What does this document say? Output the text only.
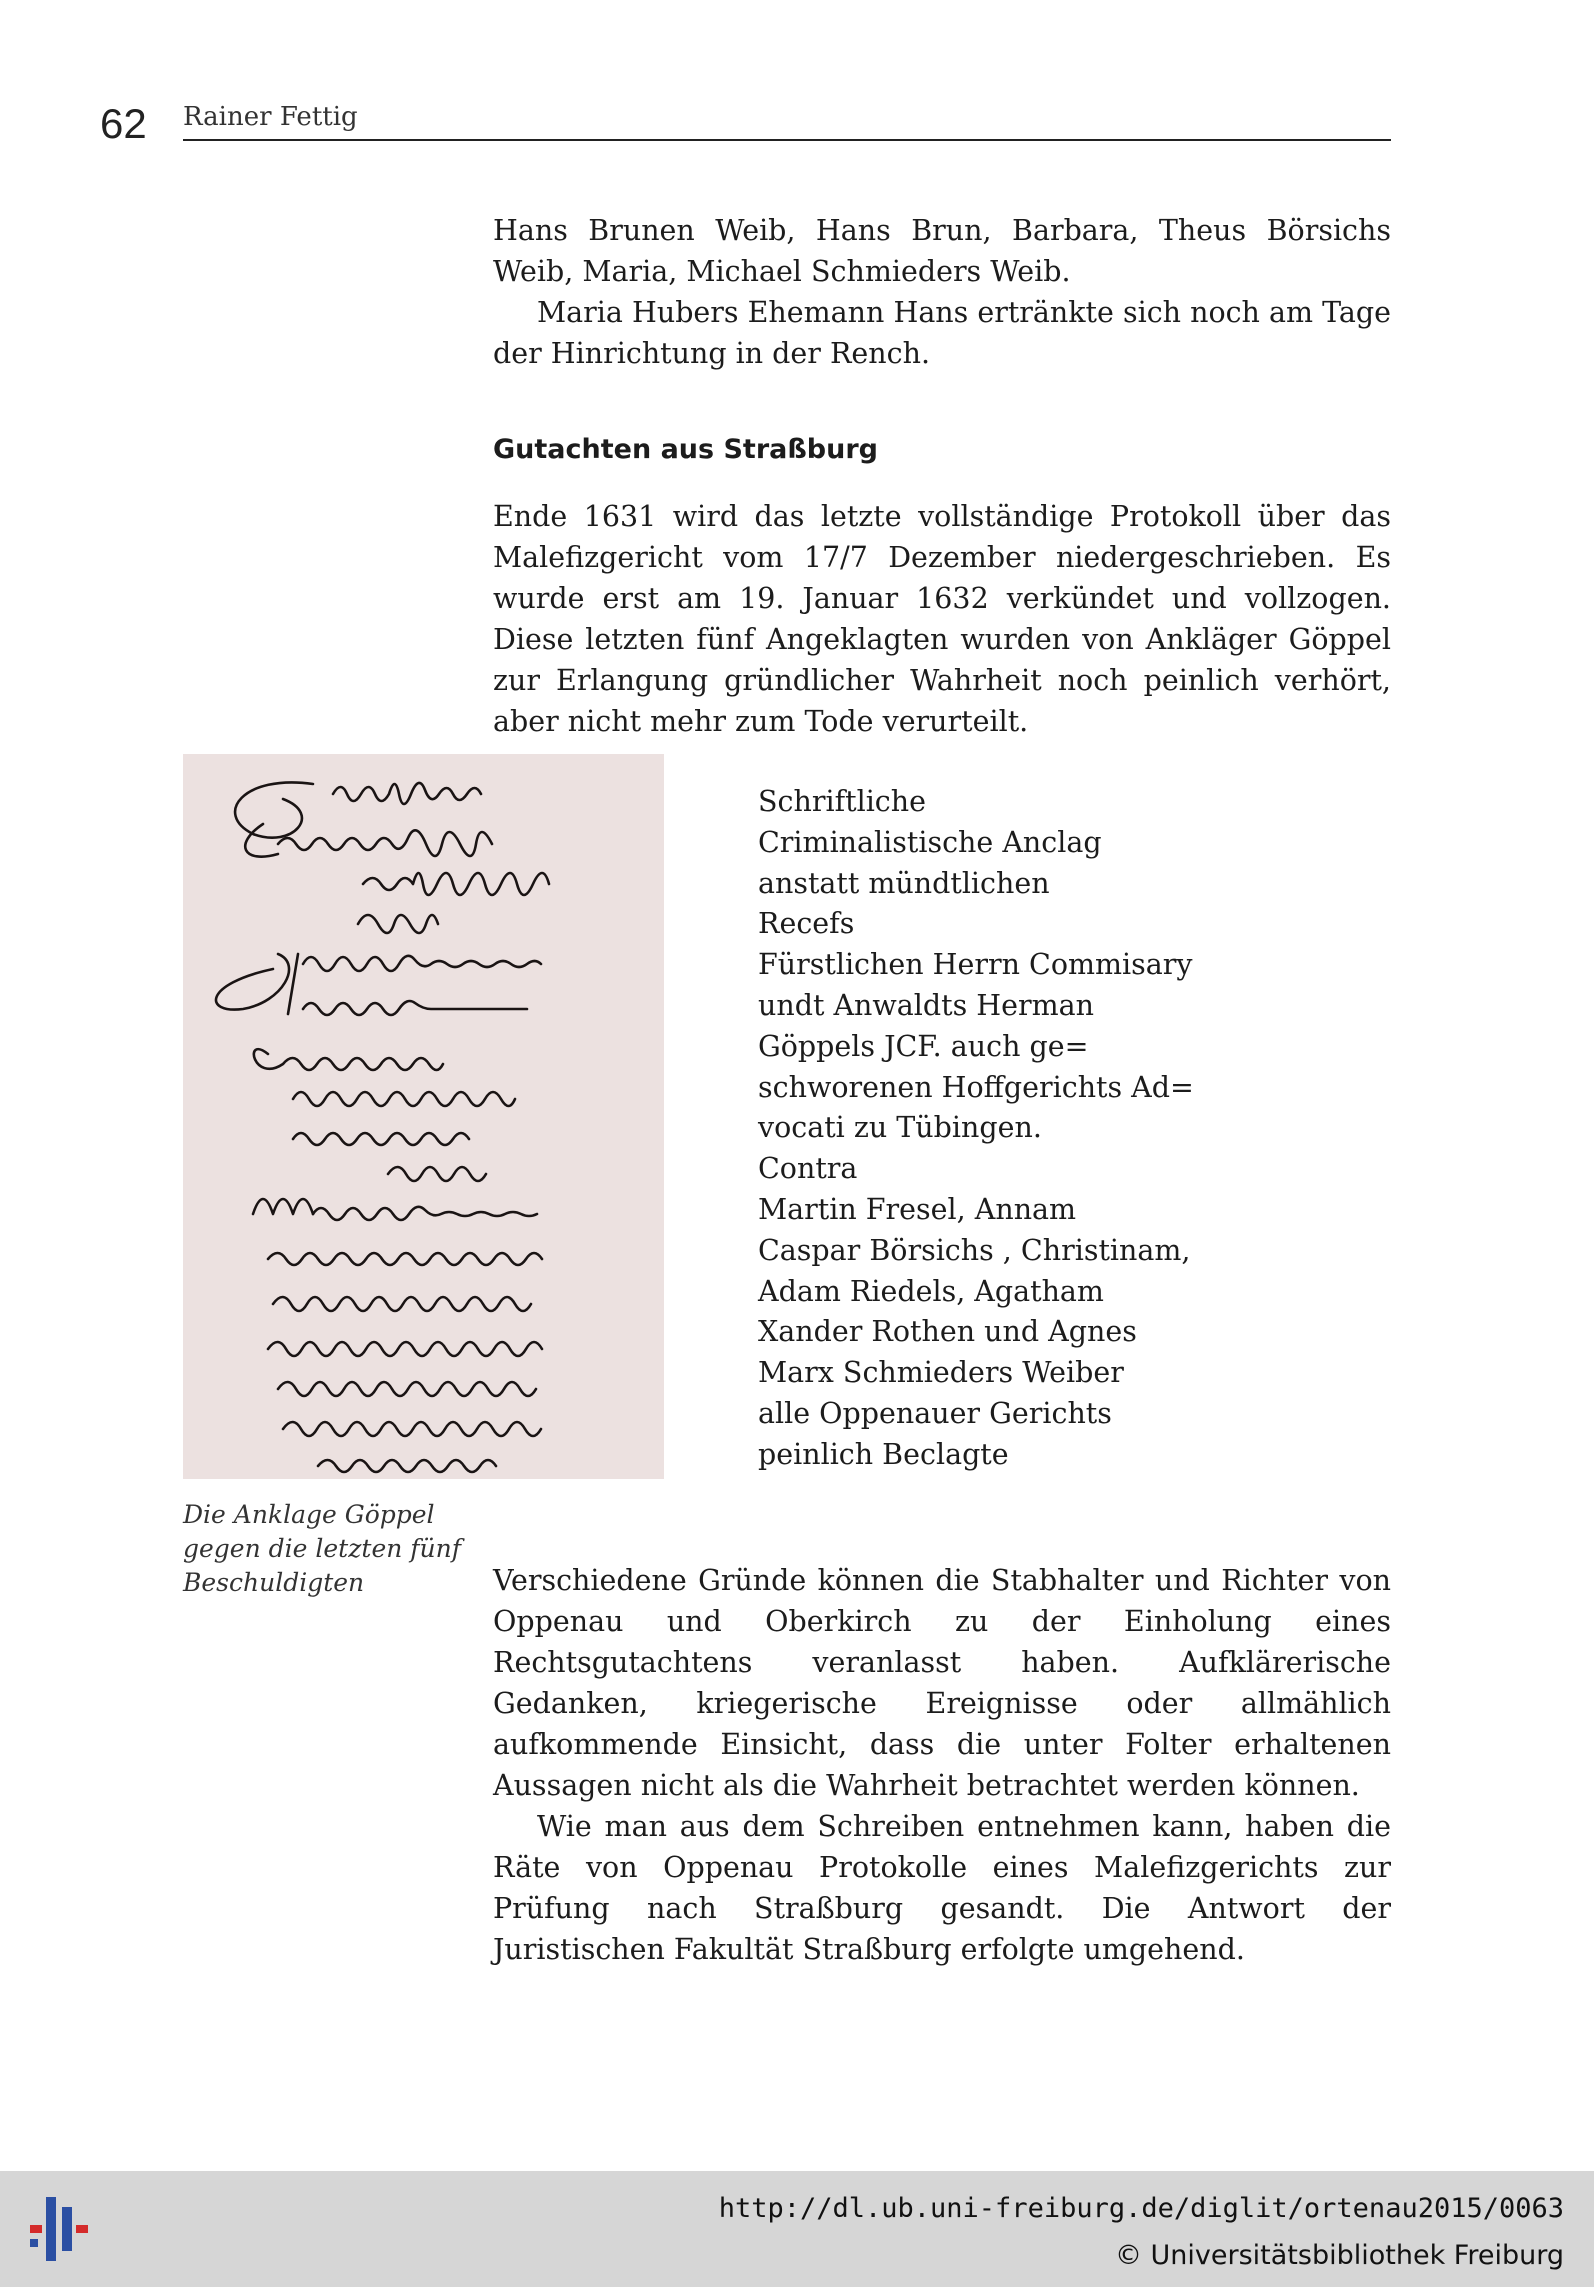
62 Rainer Fettig

Hans Brunen Weib, Hans Brun, Barbara, Theus Börsichs Weib, Maria, Michael Schmieders Weib.

Maria Hubers Ehemann Hans ertränkte sich noch am Tage der Hinrichtung in der Rench.

Gutachten aus Straßburg

Ende 1631 wird das letzte vollständige Protokoll über das Malefizgericht vom 17/7 Dezember niedergeschrieben. Es wurde erst am 19. Januar 1632 verkündet und vollzogen. Diese letzten fünf Angeklagten wurden von Ankläger Göppel zur Erlangung gründlicher Wahrheit noch peinlich verhört, aber nicht mehr zum Tode verurteilt.

Schriftliche
Criminalistische Anclag
anstatt mündtlichen
Recefs
Fürstlichen Herrn Commisary
undt Anwaldts Herman
Göppels JCF. auch ge=
schworenen Hoffgerichts Ad=
vocati zu Tübingen.
Contra
Martin Fresel, Annam
Caspar Börsichs , Christinam,
Adam Riedels, Agatham
Xander Rothen und Agnes
Marx Schmieders Weiber
alle Oppenauer Gerichts
peinlich Beclagte
Die Anklage Göppel gegen die letzten fünf Beschuldigten	Verschiedene Gründe können die Stabhalter und Richter von Oppenau und Oberkirch zu der Einholung eines Rechtsgutachtens veranlasst haben. Aufklärerische Gedanken, kriegerische Ereignisse oder allmählich aufkommende Einsicht, dass die unter Folter erhaltenen Aussagen nicht als die Wahrheit betrachtet werden können.

Wie man aus dem Schreiben entnehmen kann, haben die Räte von Oppenau Protokolle eines Malefizgerichts zur Prüfung nach Straßburg gesandt. Die Antwort der Juristischen Fakultät Straßburg erfolgte umgehend.

http://dl.ub.uni-freiburg.de/diglit/ortenau2015/0063
© Universitätsbibliothek Freiburg
